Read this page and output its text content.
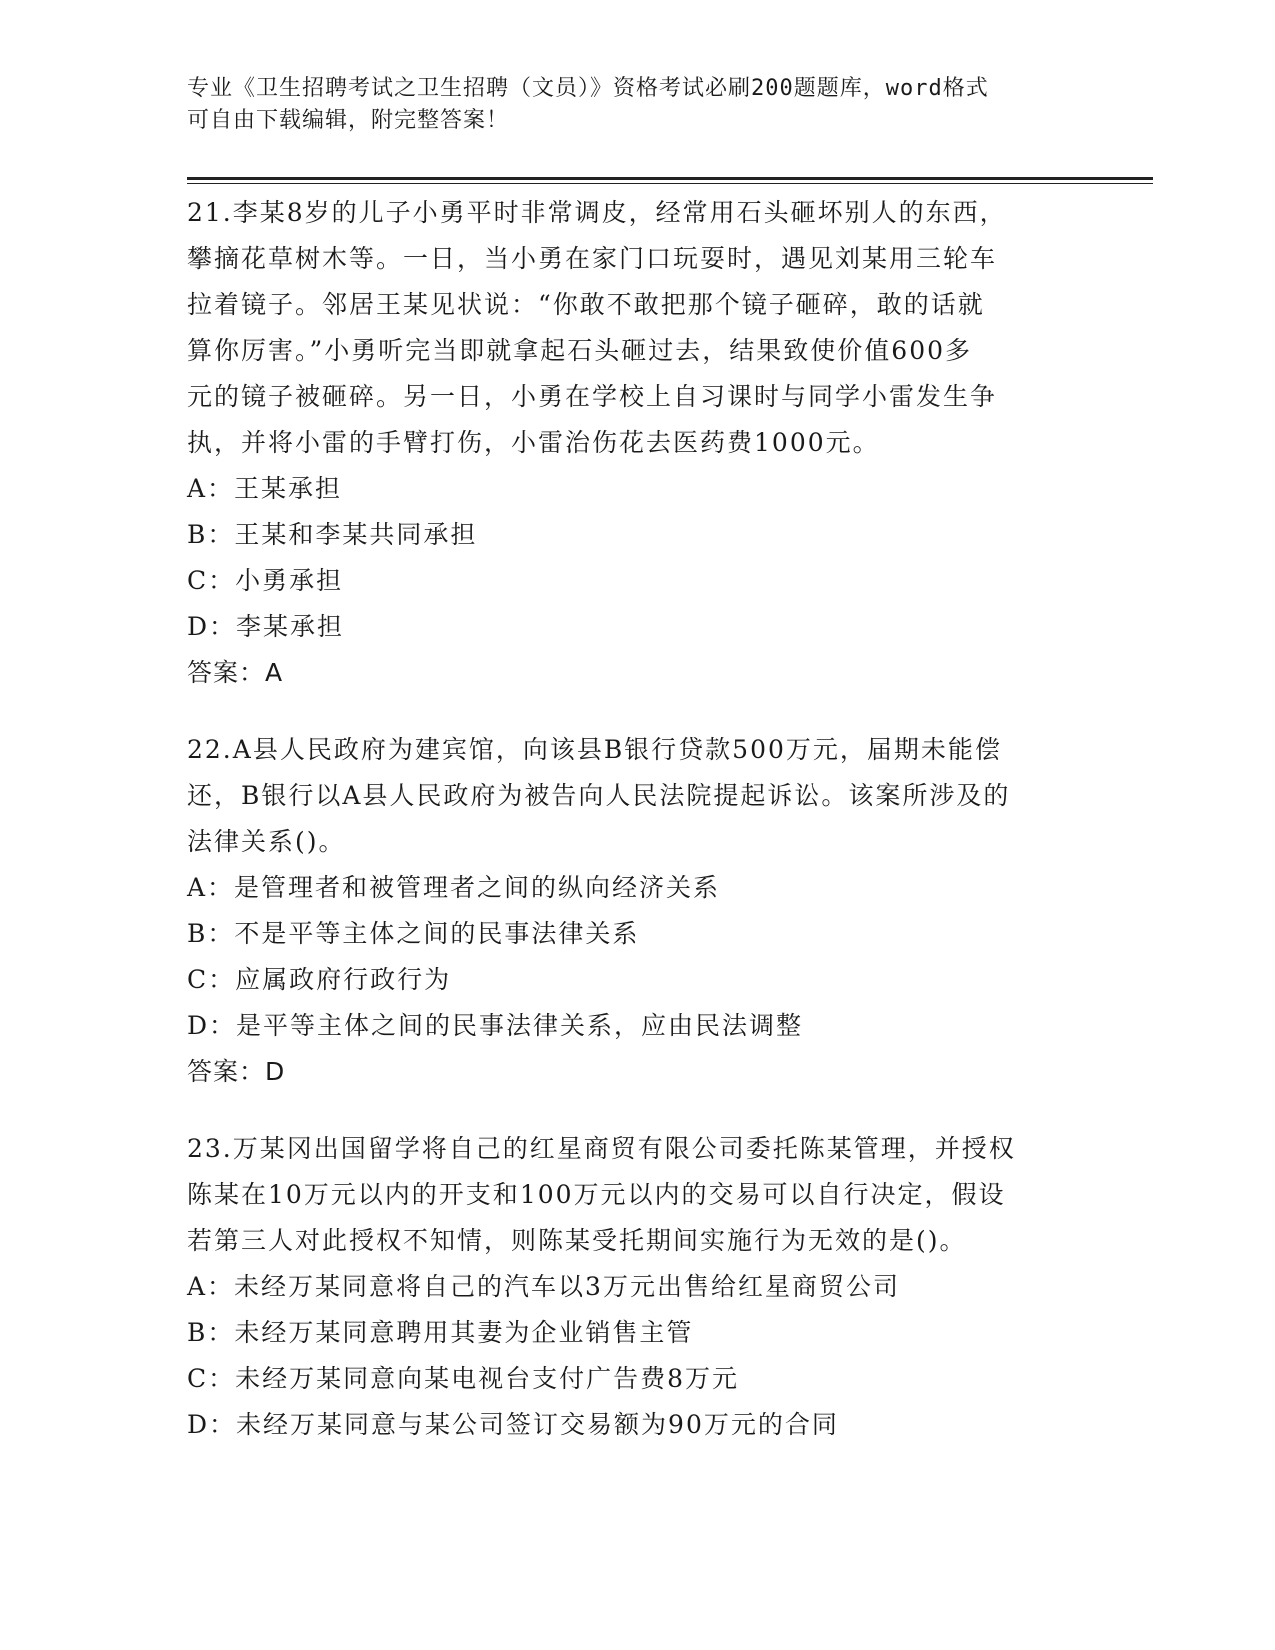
专业《卫生招聘考试之卫生招聘（文员）》资格考试必刷200题题库，word格式
可自由下载编辑，附完整答案！
21.李某8岁的儿子小勇平时非常调皮，经常用石头砸坏别人的东西，
攀摘花草树木等。一日，当小勇在家门口玩耍时，遇见刘某用三轮车
拉着镜子。邻居王某见状说：“你敢不敢把那个镜子砸碎，敢的话就
算你厉害。”小勇听完当即就拿起石头砸过去，结果致使价值600多
元的镜子被砸碎。另一日，小勇在学校上自习课时与同学小雷发生争
执，并将小雷的手臂打伤，小雷治伤花去医药费1000元。
A：王某承担
B：王某和李某共同承担
C：小勇承担
D：李某承担
答案：A
22.A县人民政府为建宾馆，向该县B银行贷款500万元，届期未能偿
还，B银行以A县人民政府为被告向人民法院提起诉讼。该案所涉及的
法律关系()。
A：是管理者和被管理者之间的纵向经济关系
B：不是平等主体之间的民事法律关系
C：应属政府行政行为
D：是平等主体之间的民事法律关系，应由民法调整
答案：D
23.万某冈出国留学将自己的红星商贸有限公司委托陈某管理，并授权
陈某在10万元以内的开支和100万元以内的交易可以自行决定，假设
若第三人对此授权不知情，则陈某受托期间实施行为无效的是()。
A：未经万某同意将自己的汽车以3万元出售给红星商贸公司
B：未经万某同意聘用其妻为企业销售主管
C：未经万某同意向某电视台支付广告费8万元
D：未经万某同意与某公司签订交易额为90万元的合同
